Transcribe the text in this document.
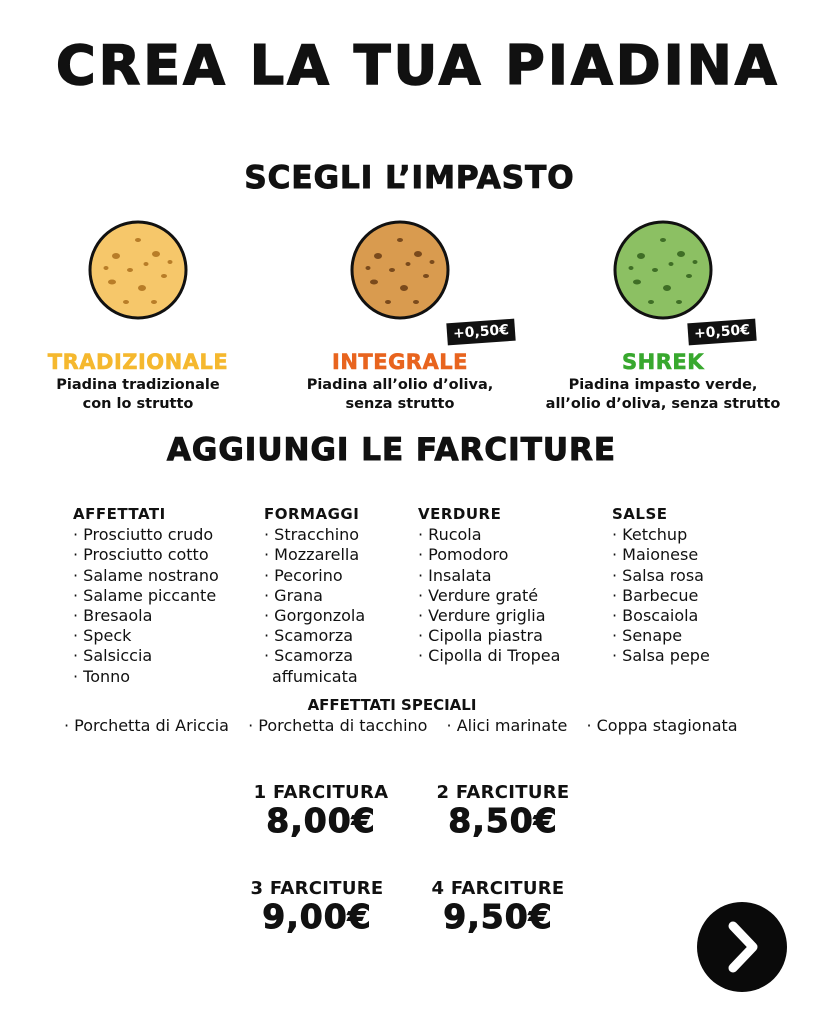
CREA LA TUA PIADINA
SCEGLI L’IMPASTO
TRADIZIONALE
Piadina tradizionale
con lo strutto
INTEGRALE
Piadina all’olio d’oliva,
senza strutto
+0,50€
SHREK
Piadina impasto verde,
all’olio d’oliva, senza strutto
+0,50€
AGGIUNGI LE FARCITURE
AFFETTATI
· Prosciutto crudo
· Prosciutto cotto
· Salame nostrano
· Salame piccante
· Bresaola
· Speck
· Salsiccia
· Tonno
FORMAGGI
· Stracchino
· Mozzarella
· Pecorino
· Grana
· Gorgonzola
· Scamorza
· Scamorza
affumicata
VERDURE
· Rucola
· Pomodoro
· Insalata
· Verdure graté
· Verdure griglia
· Cipolla piastra
· Cipolla di Tropea
SALSE
· Ketchup
· Maionese
· Salsa rosa
· Barbecue
· Boscaiola
· Senape
· Salsa pepe
AFFETTATI SPECIALI
· Porchetta di Ariccia · Porchetta di tacchino · Alici marinate · Coppa stagionata
1 FARCITURA
8,00€
2 FARCITURE
8,50€
3 FARCITURE
9,00€
4 FARCITURE
9,50€
